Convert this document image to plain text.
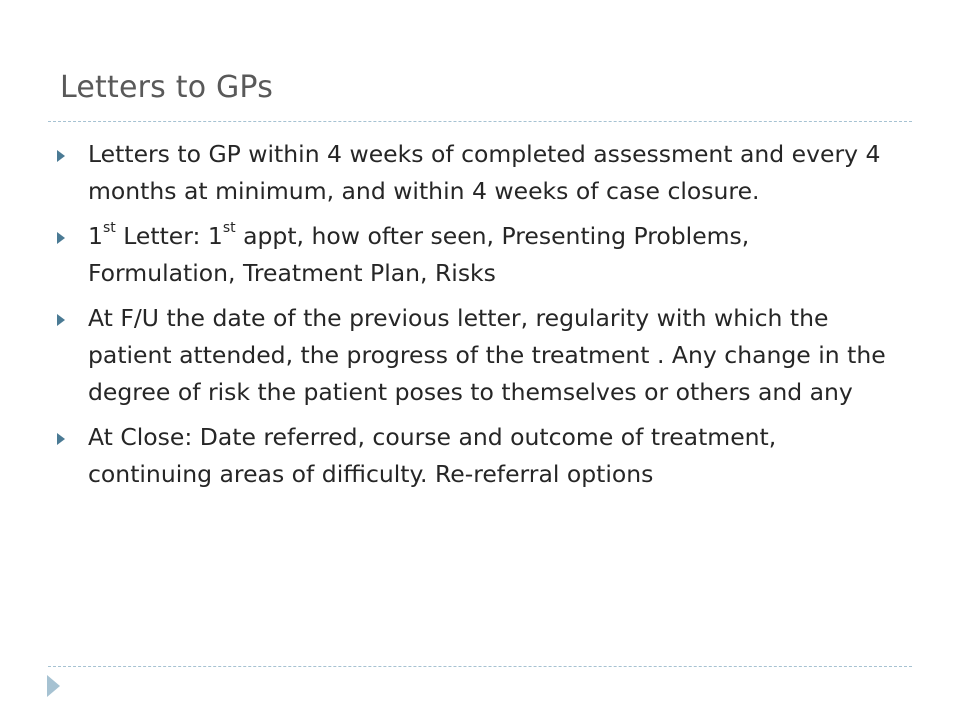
Letters to GPs
Letters to GP within 4 weeks of completed assessment and every 4 months at minimum, and within 4 weeks of case closure.
1st Letter: 1st appt, how ofter seen, Presenting Problems, Formulation, Treatment Plan, Risks
At F/U the date of the previous letter, regularity with which the patient attended, the progress of the treatment . Any change in the degree of risk the patient poses to themselves or others and any
At Close: Date referred, course and outcome of treatment, continuing areas of difficulty. Re-referral options
